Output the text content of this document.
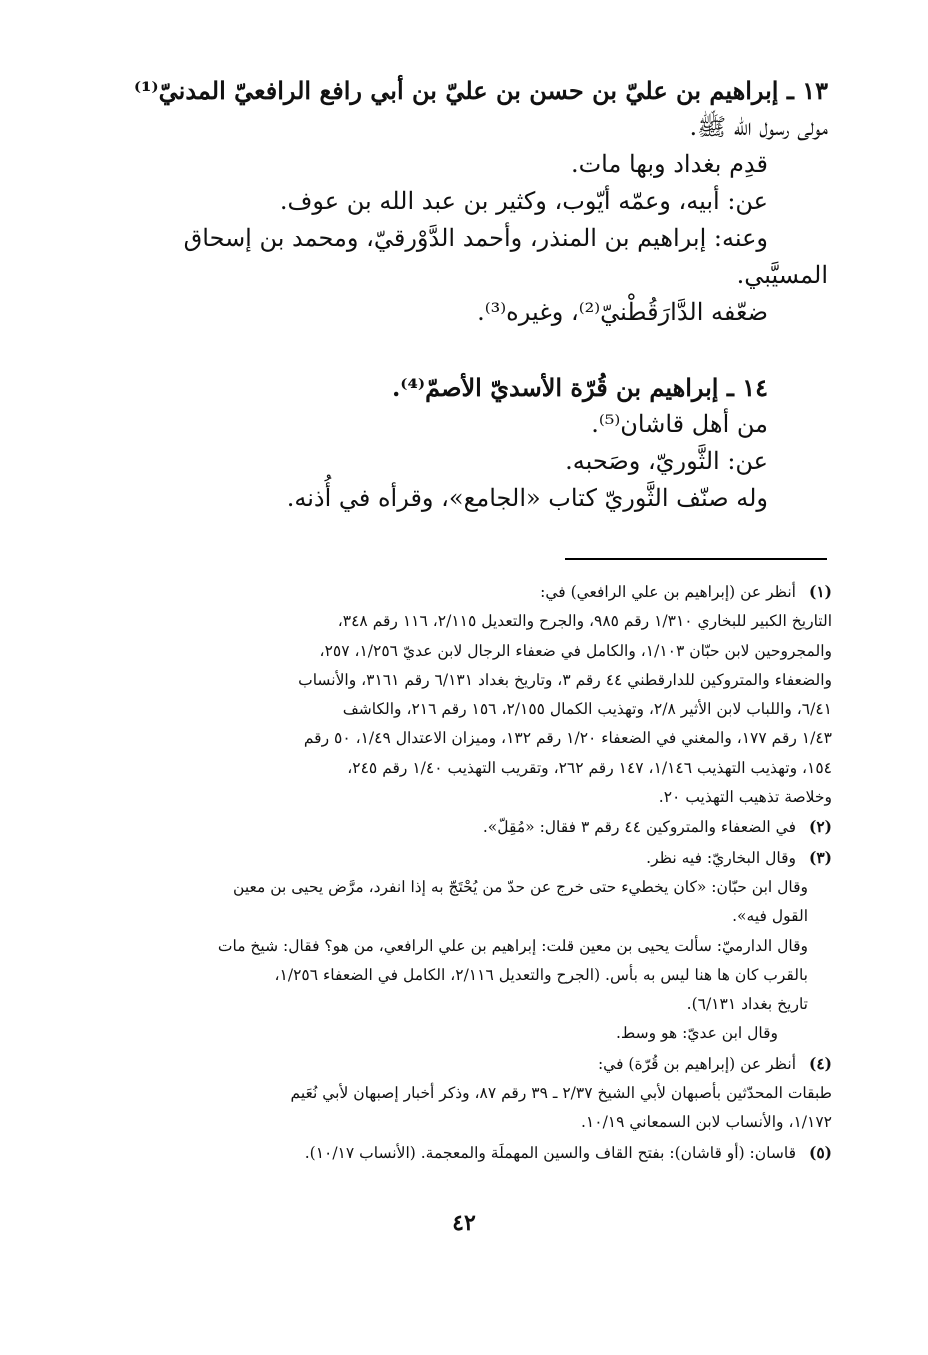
١٣ ـ إبراهيم بن عليّ بن حسن بن عليّ بن أبي رافع الرافعيّ المدنيّ⁽¹⁾
مولى رسول الله ﷺ.
قدِم بغداد وبها مات.
عن: أبيه، وعمّه أيّوب، وكثير بن عبد الله بن عوف.
وعنه: إبراهيم بن المنذر، وأحمد الدَّوْرقيّ، ومحمد بن إسحاق
المسيَّبي.
ضعّفه الدَّارَقُطْنيّ⁽²⁾، وغيره⁽³⁾.
١٤ ـ إبراهيم بن قُرّة الأسديّ الأصمّ⁽⁴⁾.
من أهل قاشان⁽⁵⁾.
عن: الثَّوريّ، وصَحبه.
وله صنّف الثَّوريّ كتاب «الجامع»، وقرأه في أُذنه.
(١)أنظر عن (إبراهيم بن علي الرافعي) في:
التاريخ الكبير للبخاري ١/٣١٠ رقم ٩٨٥، والجرح والتعديل ٢/١١٥، ١١٦ رقم ٣٤٨،
والمجروحين لابن حبّان ١/١٠٣، والكامل في ضعفاء الرجال لابن عديّ ١/٢٥٦، ٢٥٧،
والضعفاء والمتروكين للدارقطني ٤٤ رقم ٣، وتاريخ بغداد ٦/١٣١ رقم ٣١٦١، والأنساب
٦/٤١، واللباب لابن الأثير ٢/٨، وتهذيب الكمال ٢/١٥٥، ١٥٦ رقم ٢١٦، والكاشف
١/٤٣ رقم ١٧٧، والمغني في الضعفاء ١/٢٠ رقم ١٣٢، وميزان الاعتدال ١/٤٩، ٥٠ رقم
١٥٤، وتهذيب التهذيب ١/١٤٦، ١٤٧ رقم ٢٦٢، وتقريب التهذيب ١/٤٠ رقم ٢٤٥،
وخلاصة تذهيب التهذيب ٢٠.
(٢)في الضعفاء والمتروكين ٤٤ رقم ٣ فقال: «مُقِلّ».
(٣)وقال البخاريّ: فيه نظر.
وقال ابن حبّان: «كان يخطيء حتى خرج عن حدّ من يُحْتَجّ به إذا انفرد، مرَّض يحيى بن معين
القول فيه».
وقال الدارميّ: سألت يحيى بن معين قلت: إبراهيم بن علي الرافعي، من هو؟ فقال: شيخ مات
بالقرب كان ها هنا ليس به بأس. (الجرح والتعديل ٢/١١٦، الكامل في الضعفاء ١/٢٥٦،
تاريخ بغداد ٦/١٣١).
وقال ابن عديّ: هو وسط.
(٤)أنظر عن (إبراهيم بن قُرّة) في:
طبقات المحدّثين بأصبهان لأبي الشيخ ٢/٣٧ ـ ٣٩ رقم ٨٧، وذكر أخبار إصبهان لأبي نُعَيم
١/١٧٢، والأنساب لابن السمعاني ١٠/١٩.
(٥)قاسان: (أو قاشان): بفتح القاف والسين المهملَة والمعجمة. (الأنساب ١٠/١٧).
٤٢
